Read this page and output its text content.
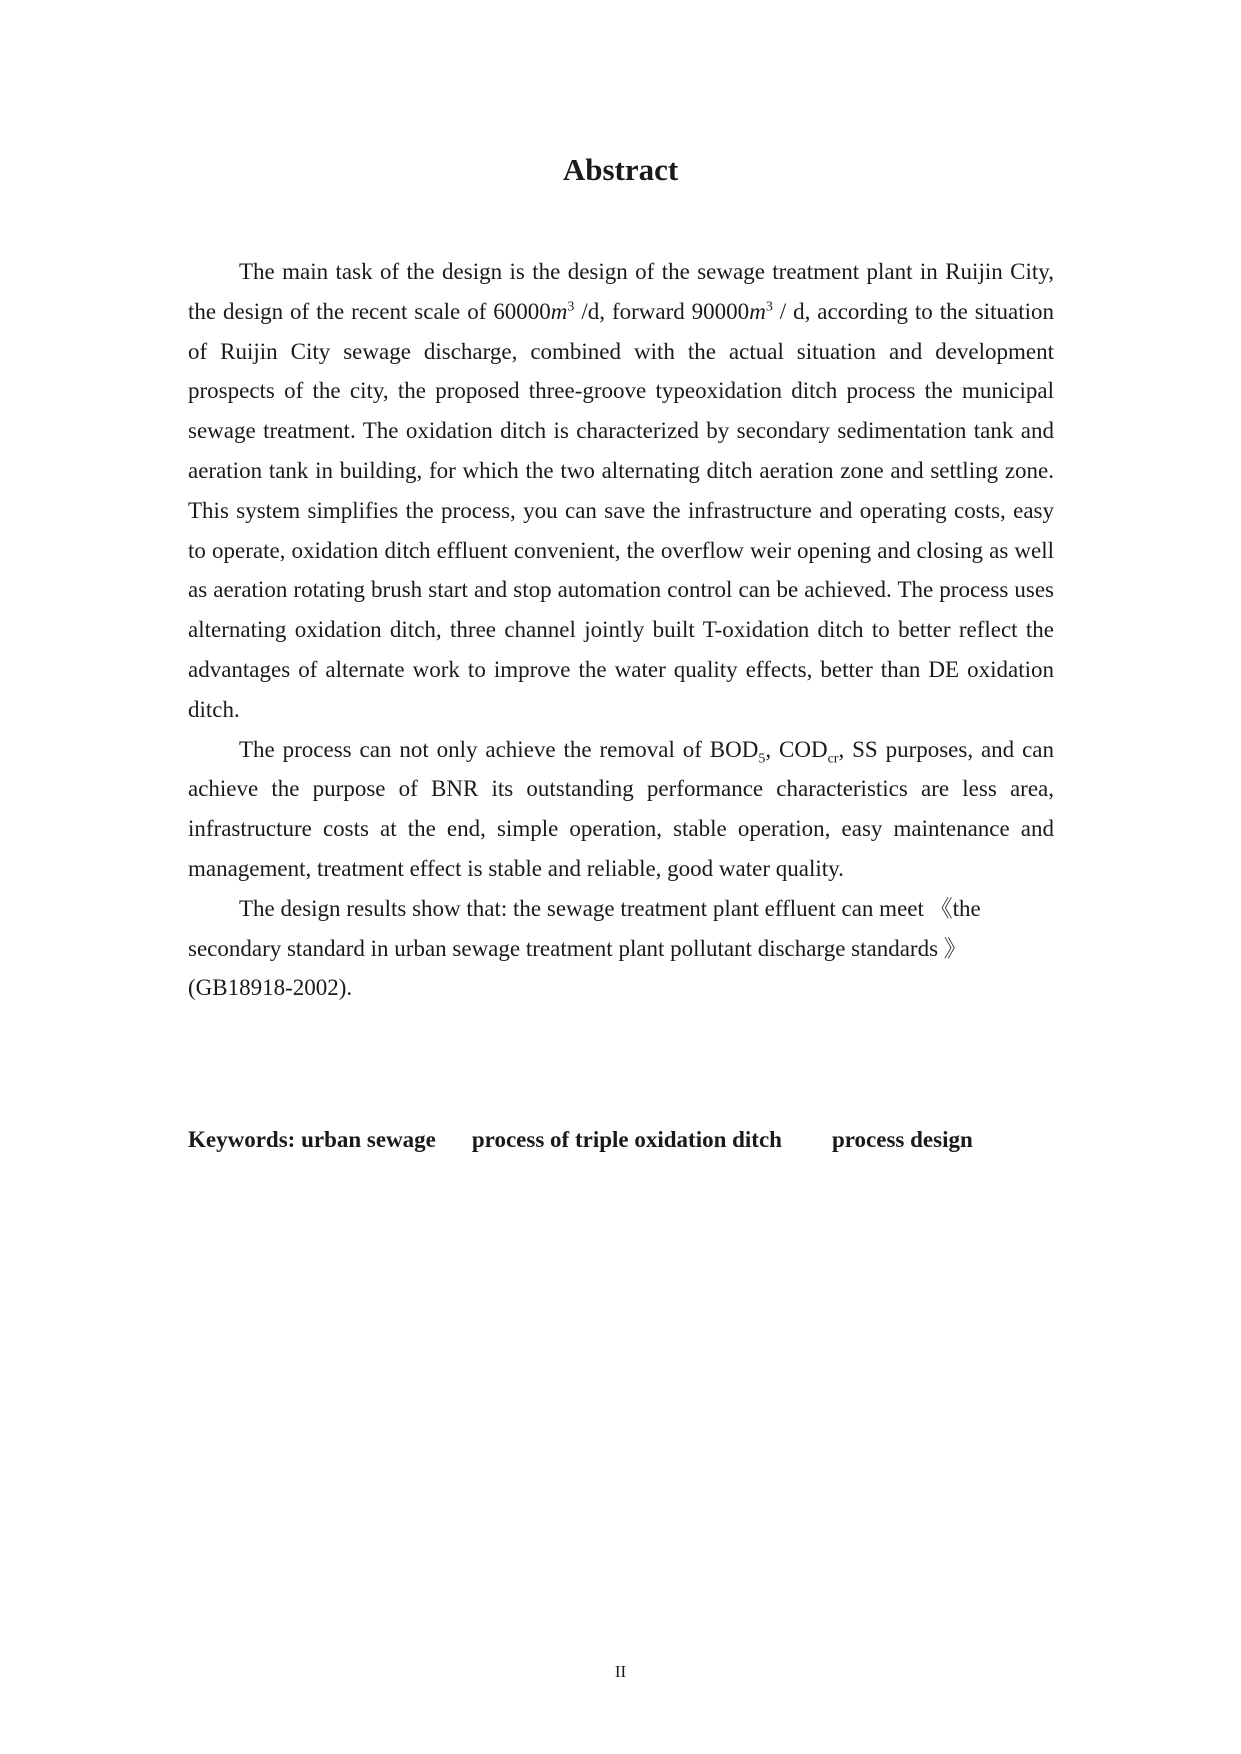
Abstract

The main task of the design is the design of the sewage treatment plant in Ruijin City, the design of the recent scale of $60000m^3$ /d, forward $90000m^3$ / d, according to the situation of Ruijin City sewage discharge, combined with the actual situation and development prospects of the city, the proposed three-groove typeoxidation ditch process the municipal sewage treatment. The oxidation ditch is characterized by secondary sedimentation tank and aeration tank in building, for which the two alternating ditch aeration zone and settling zone. This system simplifies the process, you can save the infrastructure and operating costs, easy to operate, oxidation ditch effluent convenient, the overflow weir opening and closing as well as aeration rotating brush start and stop automation control can be achieved. The process uses alternating oxidation ditch, three channel jointly built T-oxidation ditch to better reflect the advantages of alternate work to improve the water quality effects, better than DE oxidation ditch.

The process can not only achieve the removal of $BOD_5$, $COD_{cr}$, SS purposes, and can achieve the purpose of BNR its outstanding performance characteristics are less area, infrastructure costs at the end, simple operation, stable operation, easy maintenance and management, treatment effect is stable and reliable, good water quality.

The design results show that: the sewage treatment plant effluent can meet 《the secondary standard in urban sewage treatment plant pollutant discharge standards 》 (GB18918-2002).

Keywords: urban sewage process of triple oxidation ditch process design
II
